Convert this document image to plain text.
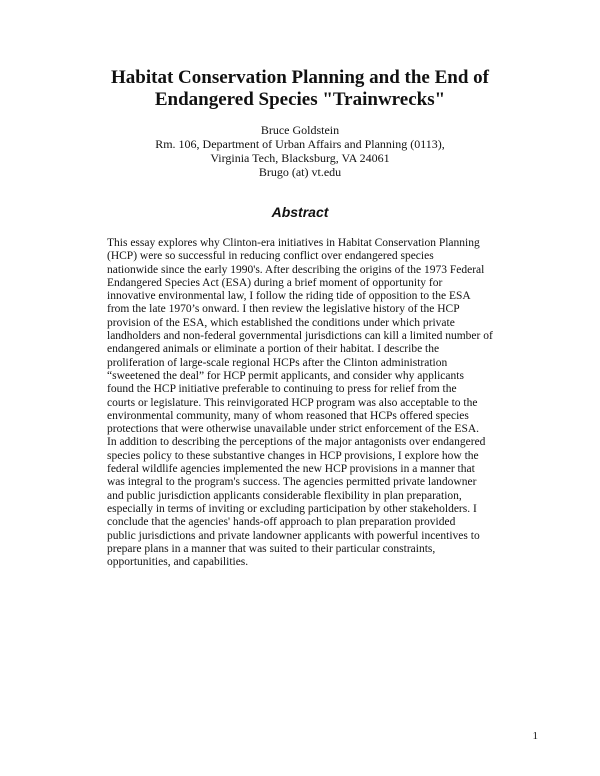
Habitat Conservation Planning and the End of
Endangered Species "Trainwrecks"
Bruce Goldstein
Rm. 106, Department of Urban Affairs and Planning (0113),
Virginia Tech, Blacksburg, VA 24061
Brugo (at) vt.edu
Abstract
This essay explores why Clinton-era initiatives in Habitat Conservation Planning
(HCP) were so successful in reducing conflict over endangered species
nationwide since the early 1990's. After describing the origins of the 1973 Federal
Endangered Species Act (ESA) during a brief moment of opportunity for
innovative environmental law, I follow the riding tide of opposition to the ESA
from the late 1970’s onward. I then review the legislative history of the HCP
provision of the ESA, which established the conditions under which private
landholders and non-federal governmental jurisdictions can kill a limited number of
endangered animals or eliminate a portion of their habitat. I describe the
proliferation of large-scale regional HCPs after the Clinton administration
“sweetened the deal” for HCP permit applicants, and consider why applicants
found the HCP initiative preferable to continuing to press for relief from the
courts or legislature. This reinvigorated HCP program was also acceptable to the
environmental community, many of whom reasoned that HCPs offered species
protections that were otherwise unavailable under strict enforcement of the ESA.
In addition to describing the perceptions of the major antagonists over endangered
species policy to these substantive changes in HCP provisions, I explore how the
federal wildlife agencies implemented the new HCP provisions in a manner that
was integral to the program's success. The agencies permitted private landowner
and public jurisdiction applicants considerable flexibility in plan preparation,
especially in terms of inviting or excluding participation by other stakeholders. I
conclude that the agencies' hands-off approach to plan preparation provided
public jurisdictions and private landowner applicants with powerful incentives to
prepare plans in a manner that was suited to their particular constraints,
opportunities, and capabilities.
1
